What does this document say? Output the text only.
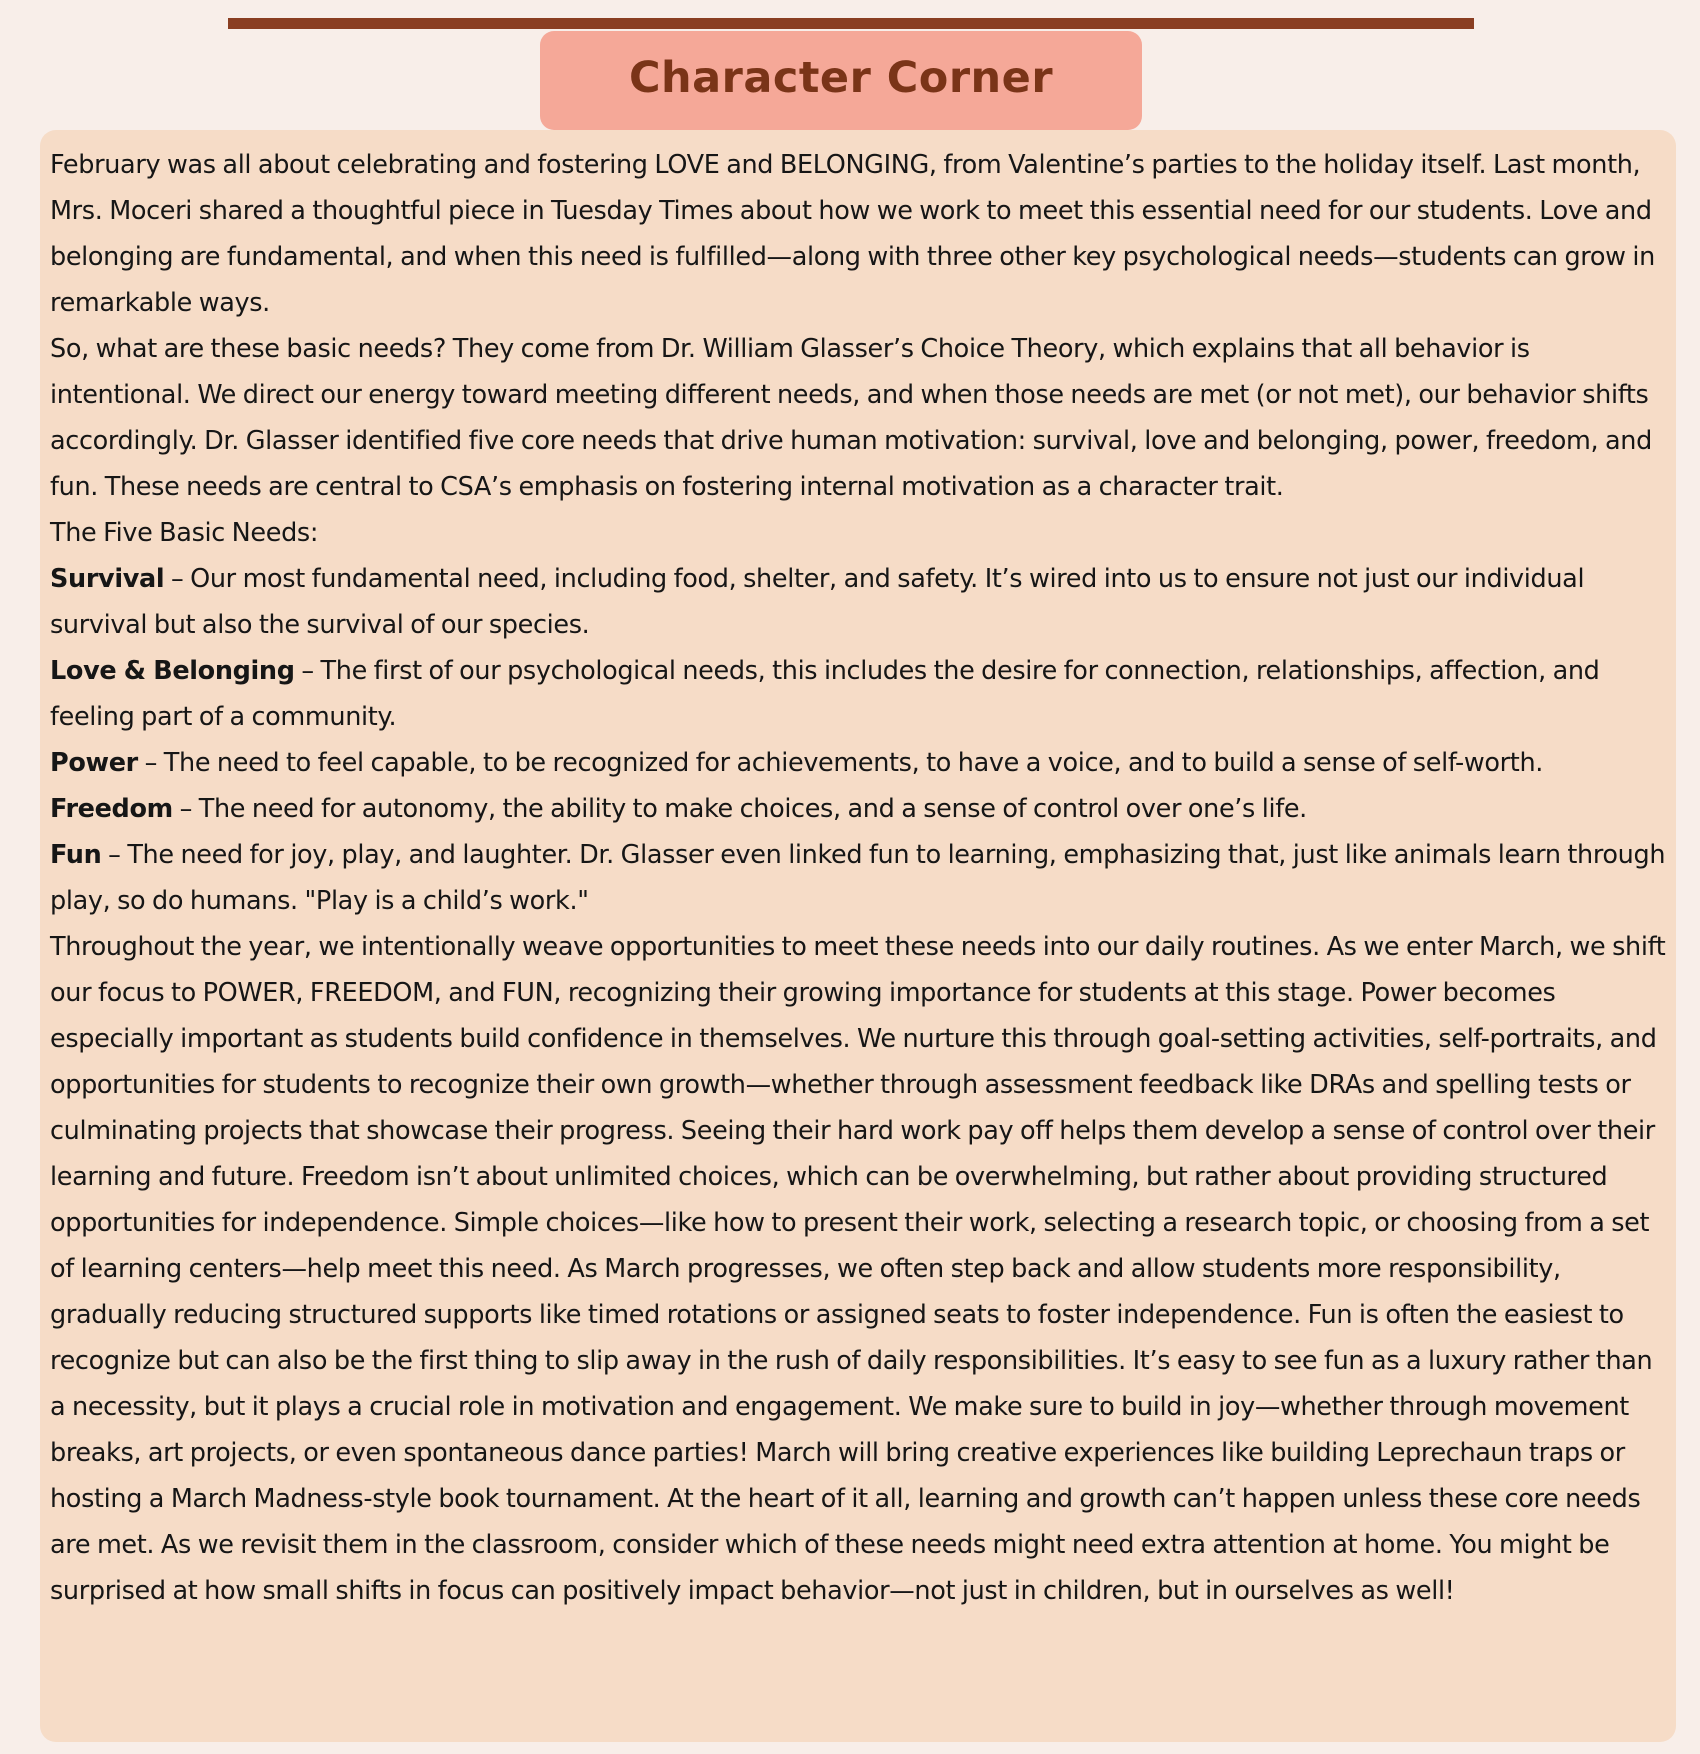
Character Corner

February was all about celebrating and fostering LOVE and BELONGING, from Valentine’s parties to the holiday itself. Last month, Mrs. Moceri shared a thoughtful piece in Tuesday Times about how we work to meet this essential need for our students. Love and belonging are fundamental, and when this need is fulfilled—along with three other key psychological needs—students can grow in remarkable ways.

So, what are these basic needs? They come from Dr. William Glasser’s Choice Theory, which explains that all behavior is intentional. We direct our energy toward meeting different needs, and when those needs are met (or not met), our behavior shifts accordingly. Dr. Glasser identified five core needs that drive human motivation: survival, love and belonging, power, freedom, and fun. These needs are central to CSA’s emphasis on fostering internal motivation as a character trait.

The Five Basic Needs:

Survival – Our most fundamental need, including food, shelter, and safety. It’s wired into us to ensure not just our individual survival but also the survival of our species.

Love & Belonging – The first of our psychological needs, this includes the desire for connection, relationships, affection, and feeling part of a community.

Power – The need to feel capable, to be recognized for achievements, to have a voice, and to build a sense of self-worth.

Freedom – The need for autonomy, the ability to make choices, and a sense of control over one’s life.

Fun – The need for joy, play, and laughter. Dr. Glasser even linked fun to learning, emphasizing that, just like animals learn through play, so do humans. "Play is a child’s work."

Throughout the year, we intentionally weave opportunities to meet these needs into our daily routines. As we enter March, we shift our focus to POWER, FREEDOM, and FUN, recognizing their growing importance for students at this stage. Power becomes especially important as students build confidence in themselves. We nurture this through goal-setting activities, self-portraits, and opportunities for students to recognize their own growth—whether through assessment feedback like DRAs and spelling tests or culminating projects that showcase their progress. Seeing their hard work pay off helps them develop a sense of control over their learning and future. Freedom isn’t about unlimited choices, which can be overwhelming, but rather about providing structured opportunities for independence. Simple choices—like how to present their work, selecting a research topic, or choosing from a set of learning centers—help meet this need. As March progresses, we often step back and allow students more responsibility, gradually reducing structured supports like timed rotations or assigned seats to foster independence. Fun is often the easiest to recognize but can also be the first thing to slip away in the rush of daily responsibilities. It’s easy to see fun as a luxury rather than a necessity, but it plays a crucial role in motivation and engagement. We make sure to build in joy—whether through movement breaks, art projects, or even spontaneous dance parties! March will bring creative experiences like building Leprechaun traps or hosting a March Madness-style book tournament. At the heart of it all, learning and growth can’t happen unless these core needs are met. As we revisit them in the classroom, consider which of these needs might need extra attention at home. You might be surprised at how small shifts in focus can positively impact behavior—not just in children, but in ourselves as well!
